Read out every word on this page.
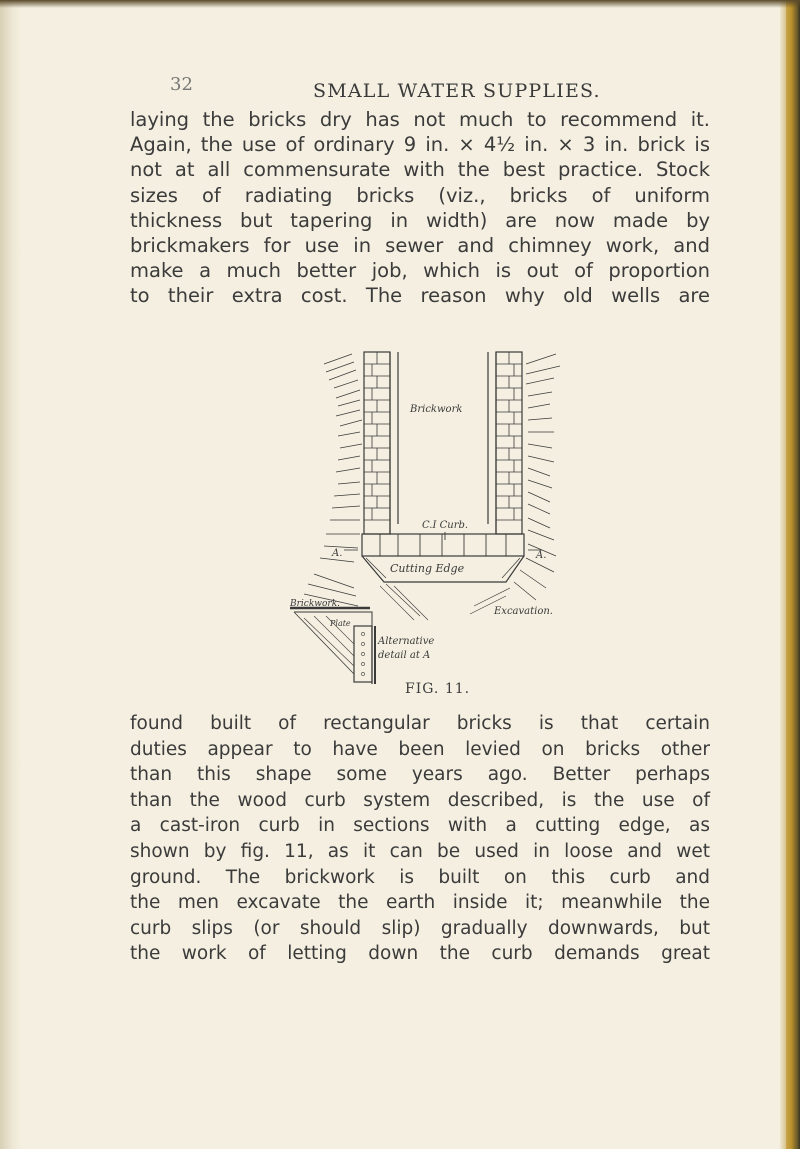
32	SMALL WATER SUPPLIES.

laying the bricks dry has not much to recommend it.
Again, the use of ordinary 9 in. × 4½ in. × 3 in. brick is
not at all commensurate with the best practice. Stock
sizes of radiating bricks (viz., bricks of uniform
thickness but tapering in width) are now made by
brickmakers for use in sewer and chimney work, and
make a much better job, which is out of proportion
to their extra cost. The reason why old wells are

Brickwork
C.I Curb.
Cutting Edge
A.	A.
Brickwork.
Excavation.
Plate
Alternative
detail at A
FIG. 11.

found built of rectangular bricks is that certain
duties appear to have been levied on bricks other
than this shape some years ago. Better perhaps
than the wood curb system described, is the use of
a cast-iron curb in sections with a cutting edge, as
shown by fig. 11, as it can be used in loose and wet
ground. The brickwork is built on this curb and
the men excavate the earth inside it; meanwhile the
curb slips (or should slip) gradually downwards, but
the work of letting down the curb demands great
